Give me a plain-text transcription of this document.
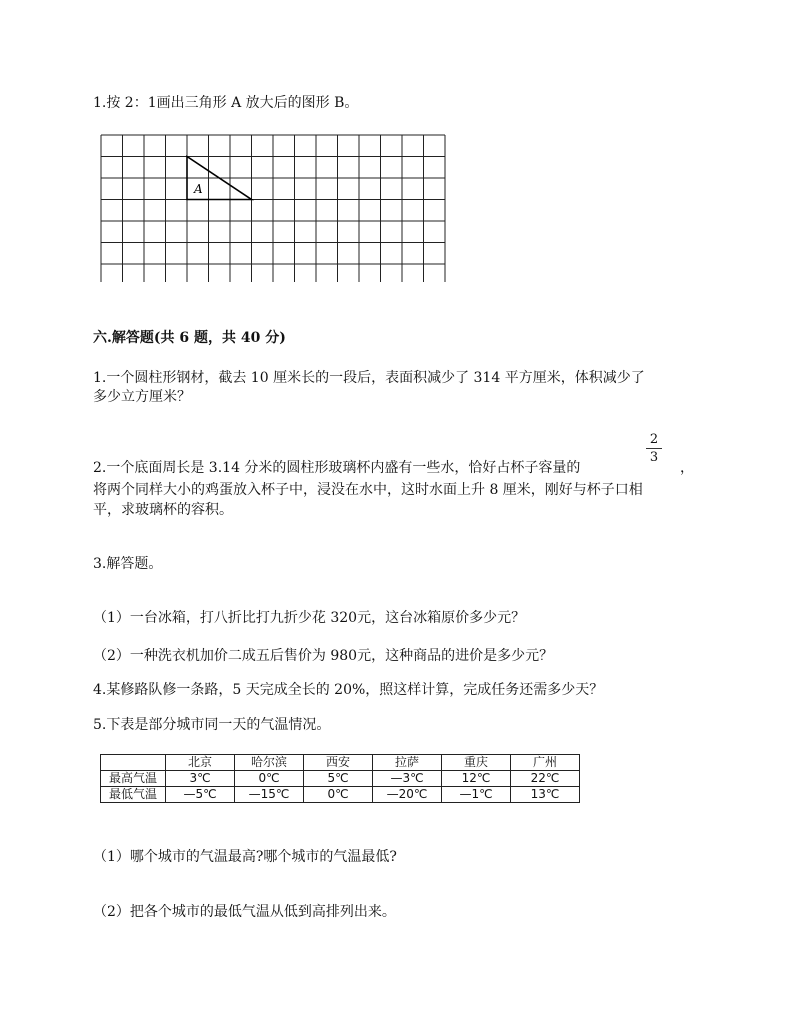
1.按 2：1画出三角形 A 放大后的图形 B。
A
六.解答题(共 6 题，共 40 分)
1.一个圆柱形钢材，截去 10 厘米长的一段后，表面积减少了 314 平方厘米，体积减少了
多少立方厘米？
2
3
2.一个底面周长是 3.14 分米的圆柱形玻璃杯内盛有一些水，恰好占杯子容量的	，
将两个同样大小的鸡蛋放入杯子中，浸没在水中，这时水面上升 8 厘米，刚好与杯子口相
平，求玻璃杯的容积。
3.解答题。
（1）一台冰箱，打八折比打九折少花 320元，这台冰箱原价多少元？
（2）一种洗衣机加价二成五后售价为 980元，这种商品的进价是多少元？
4.某修路队修一条路，5 天完成全长的 20%，照这样计算，完成任务还需多少天？
5.下表是部分城市同一天的气温情况。
	北京	哈尔滨	西安	拉萨	重庆	广州
最高气温	3℃	0℃	5℃	—3℃	12℃	22℃
最低气温	—5℃	—15℃	0℃	—20℃	—1℃	13℃
（1）哪个城市的气温最高?哪个城市的气温最低?
（2）把各个城市的最低气温从低到高排列出来。
